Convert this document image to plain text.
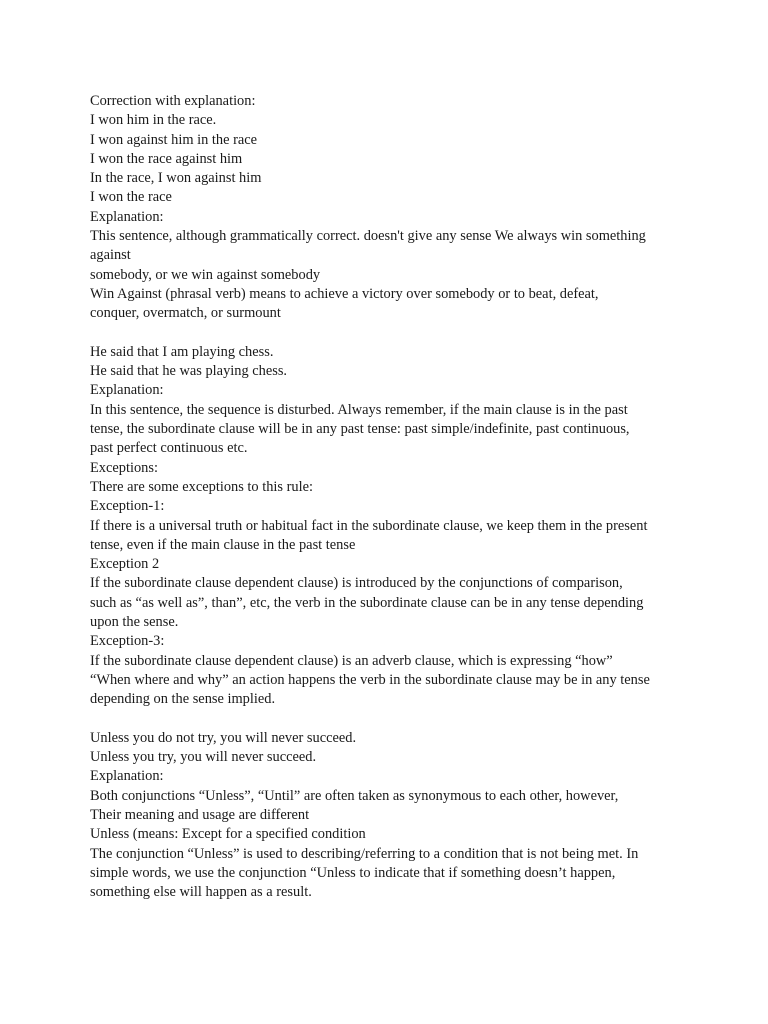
Correction with explanation:
I won him in the race.
I won against him in the race
I won the race against him
In the race, I won against him
I won the race
Explanation:
This sentence, although grammatically correct. doesn't give any sense We always win something
against
somebody, or we win against somebody
Win Against (phrasal verb) means to achieve a victory over somebody or to beat, defeat,
conquer, overmatch, or surmount
He said that I am playing chess.
He said that he was playing chess.
Explanation:
In this sentence, the sequence is disturbed. Always remember, if the main clause is in the past
tense, the subordinate clause will be in any past tense: past simple/indefinite, past continuous,
past perfect continuous etc.
Exceptions:
There are some exceptions to this rule:
Exception-1:
If there is a universal truth or habitual fact in the subordinate clause, we keep them in the present
tense, even if the main clause in the past tense
Exception 2
If the subordinate clause dependent clause) is introduced by the conjunctions of comparison,
such as “as well as”, than”, etc, the verb in the subordinate clause can be in any tense depending
upon the sense.
Exception-3:
If the subordinate clause dependent clause) is an adverb clause, which is expressing “how”
“When where and why” an action happens the verb in the subordinate clause may be in any tense
depending on the sense implied.
Unless you do not try, you will never succeed.
Unless you try, you will never succeed.
Explanation:
Both conjunctions “Unless”, “Until” are often taken as synonymous to each other, however,
Their meaning and usage are different
Unless (means: Except for a specified condition
The conjunction “Unless” is used to describing/referring to a condition that is not being met. In
simple words, we use the conjunction “Unless to indicate that if something doesn’t happen,
something else will happen as a result.
